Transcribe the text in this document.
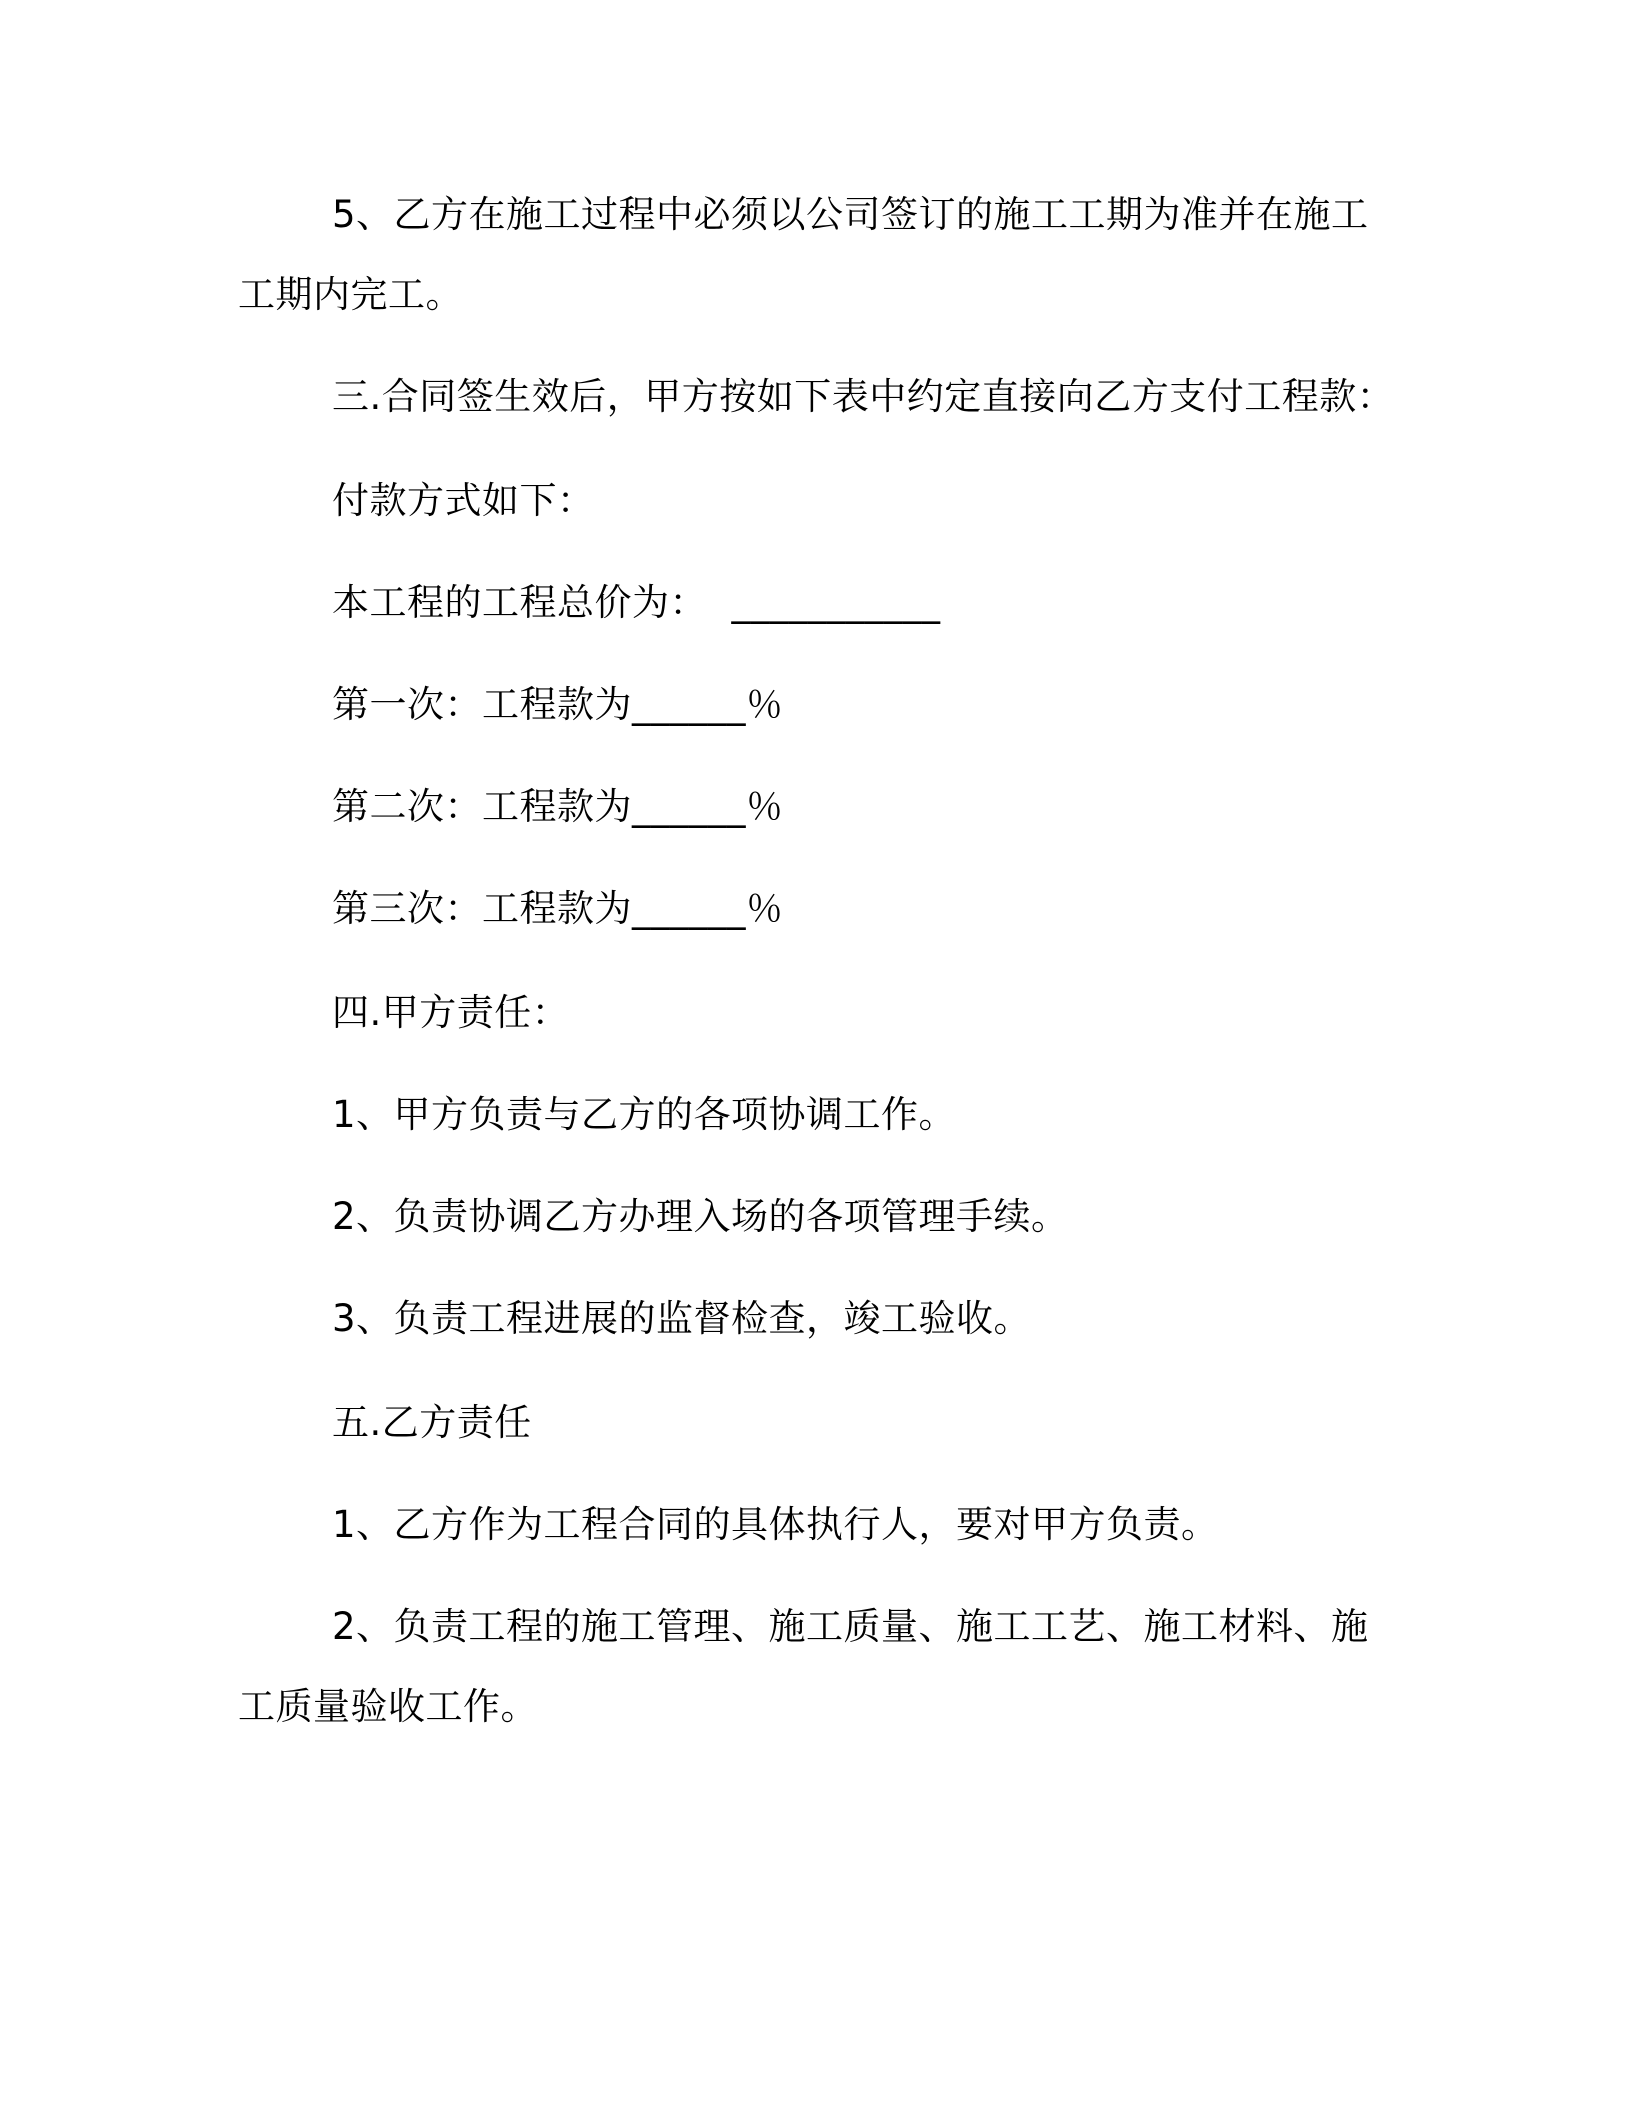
5、乙方在施工过程中必须以公司签订的施工工期为准并在施工

工期内完工。

三.合同签生效后，甲方按如下表中约定直接向乙方支付工程款：

付款方式如下：

本工程的工程总价为：  ___________

第一次：工程款为______％

第二次：工程款为______％

第三次：工程款为______％

四.甲方责任：

1、甲方负责与乙方的各项协调工作。

2、负责协调乙方办理入场的各项管理手续。

3、负责工程进展的监督检查，竣工验收。

五.乙方责任

1、乙方作为工程合同的具体执行人，要对甲方负责。

2、负责工程的施工管理、施工质量、施工工艺、施工材料、施

工质量验收工作。
